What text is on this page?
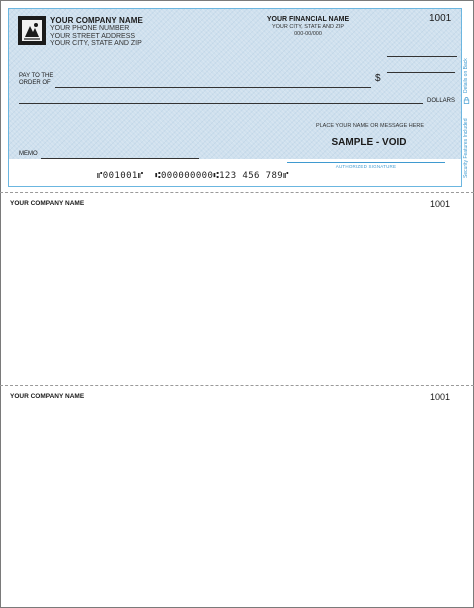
YOUR COMPANY NAME
YOUR PHONE NUMBER
YOUR STREET ADDRESS
YOUR CITY, STATE AND ZIP
YOUR FINANCIAL NAME
YOUR CITY, STATE AND ZIP
000-00/000
1001
PAY TO THE
ORDER OF	$
DOLLARS
PLACE YOUR NAME OR MESSAGE HERE
SAMPLE - VOID
MEMO
AUTHORIZED SIGNATURE
⑈001001⑈  ⑆000000000⑆123 456 789⑈
Details on Back
Security Features Included
YOUR COMPANY NAME	1001
YOUR COMPANY NAME	1001
